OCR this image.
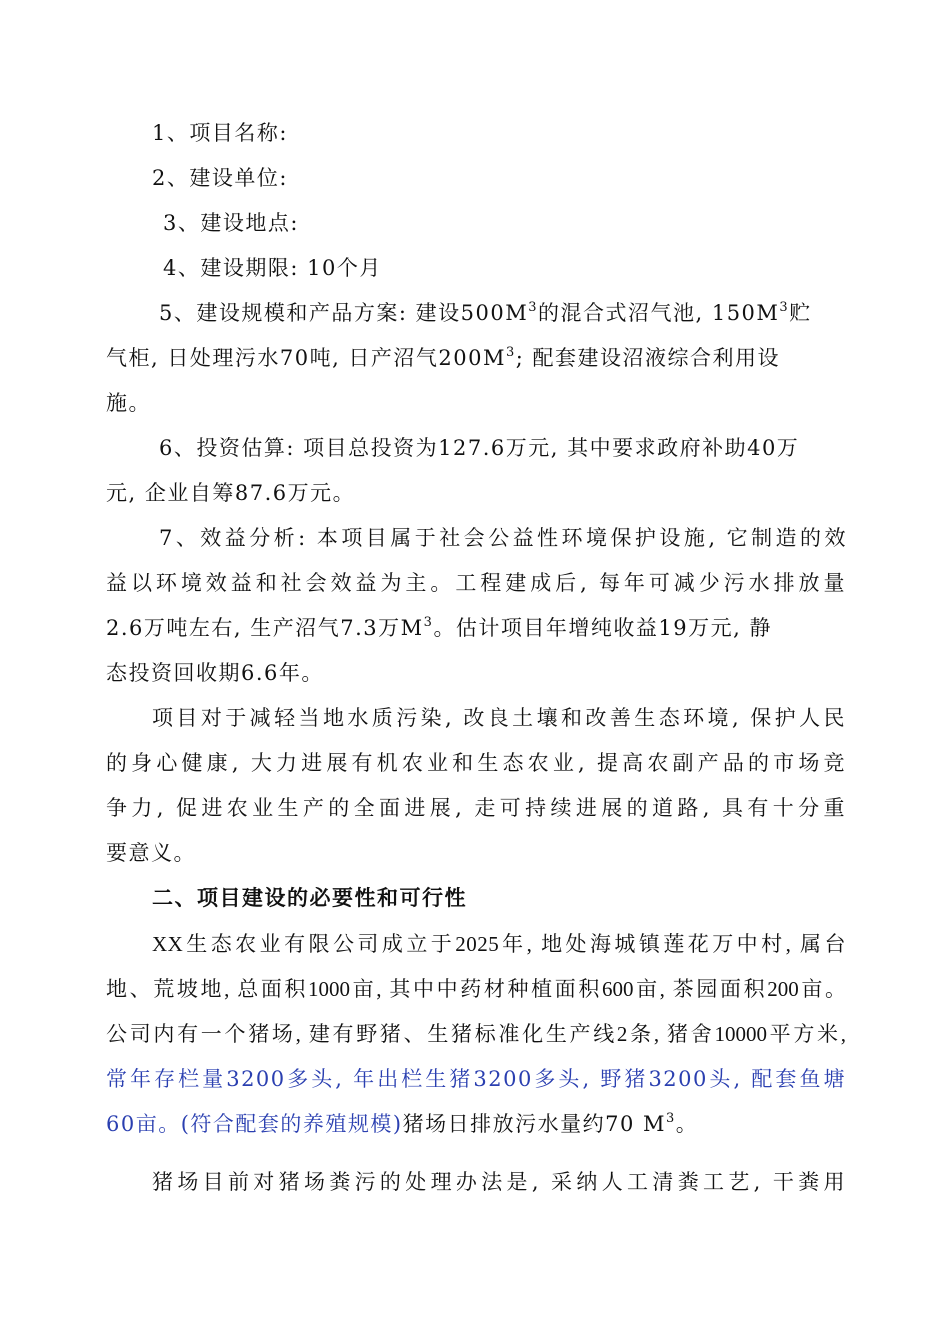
1、项目名称:
2、建设单位:
3、建设地点:
4、建设期限: 10个月
5、建设规模和产品方案: 建设$500M^3$的混合式沼气池, $150M^3$贮
气柜, 日处理污水70吨, 日产沼气$200M^3$; 配套建设沼液综合利用设
施。
6、投资估算: 项目总投资为127.6万元, 其中要求政府补助40万
元, 企业自筹87.6万元。
7、效益分析: 本项目属于社会公益性环境保护设施, 它制造的效
益以环境效益和社会效益为主。工程建成后, 每年可减少污水排放量
2.6万吨左右, 生产沼气7.3万$M^3$。估计项目年增纯收益19万元, 静
态投资回收期6.6年。
项目对于减轻当地水质污染, 改良土壤和改善生态环境, 保护人民
的身心健康, 大力进展有机农业和生态农业, 提高农副产品的市场竞
争力, 促进农业生产的全面进展, 走可持续进展的道路, 具有十分重
要意义。
二、项目建设的必要性和可行性
XX生态农业有限公司成立于2025年, 地处海城镇莲花万中村, 属台
地、荒坡地, 总面积1000亩, 其中中药材种植面积600亩, 茶园面积200亩。
公司内有一个猪场, 建有野猪、生猪标准化生产线2条, 猪舍10000平方米,
常年存栏量3200多头, 年出栏生猪3200多头, 野猪3200头, 配套鱼塘
60亩。(符合配套的养殖规模)猪场日排放污水量约70 $M^3$。
猪场目前对猪场粪污的处理办法是, 采纳人工清粪工艺, 干粪用
